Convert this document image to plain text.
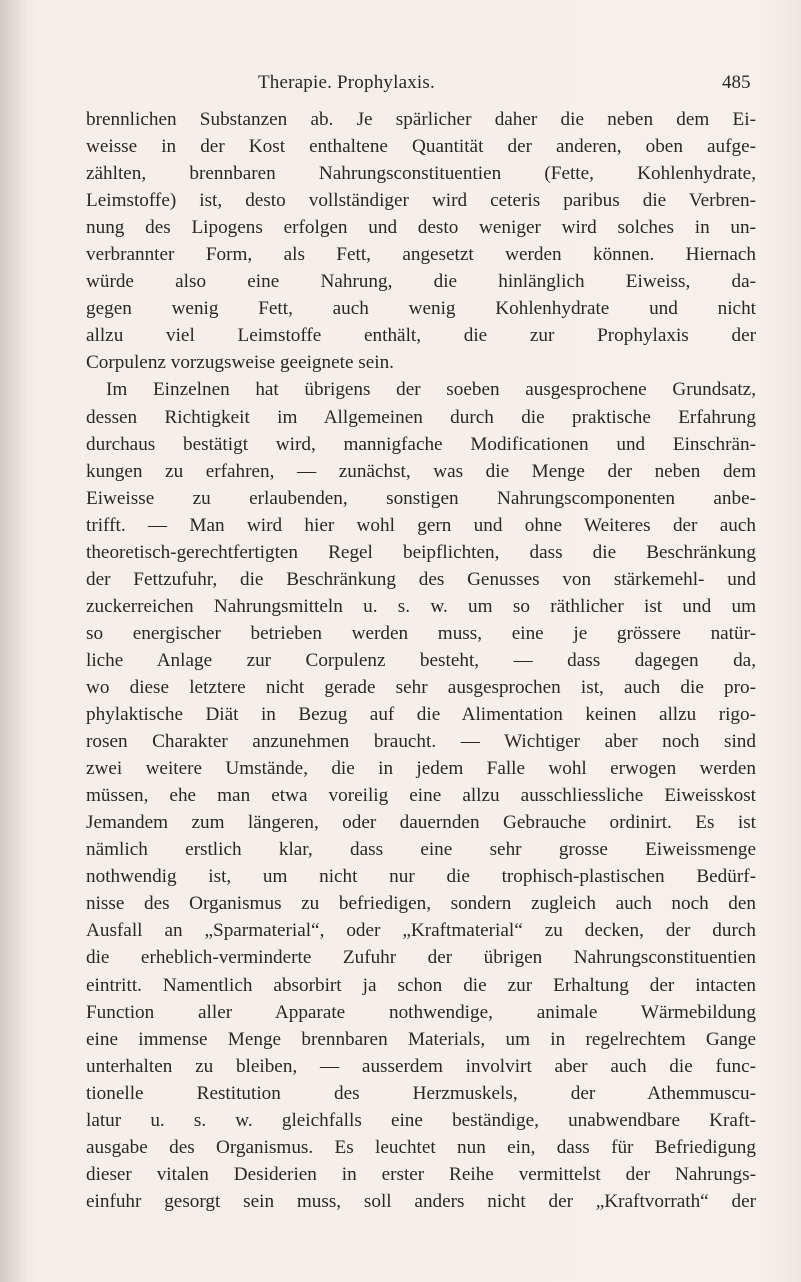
Therapie. Prophylaxis.	485
brennlichen Substanzen ab. Je spärlicher daher die neben dem Ei-
weisse in der Kost enthaltene Quantität der anderen, oben aufge-
zählten, brennbaren Nahrungsconstituentien (Fette, Kohlenhydrate,
Leimstoffe) ist, desto vollständiger wird ceteris paribus die Verbren-
nung des Lipogens erfolgen und desto weniger wird solches in un-
verbrannter Form, als Fett, angesetzt werden können. Hiernach
würde also eine Nahrung, die hinlänglich Eiweiss, da-
gegen wenig Fett, auch wenig Kohlenhydrate und nicht
allzu viel Leimstoffe enthält, die zur Prophylaxis der
Corpulenz vorzugsweise geeignete sein.
Im Einzelnen hat übrigens der soeben ausgesprochene Grundsatz,
dessen Richtigkeit im Allgemeinen durch die praktische Erfahrung
durchaus bestätigt wird, mannigfache Modificationen und Einschrän-
kungen zu erfahren, — zunächst, was die Menge der neben dem
Eiweisse zu erlaubenden, sonstigen Nahrungscomponenten anbe-
trifft. — Man wird hier wohl gern und ohne Weiteres der auch
theoretisch-gerechtfertigten Regel beipflichten, dass die Beschränkung
der Fettzufuhr, die Beschränkung des Genusses von stärkemehl- und
zuckerreichen Nahrungsmitteln u. s. w. um so räthlicher ist und um
so energischer betrieben werden muss, eine je grössere natür-
liche Anlage zur Corpulenz besteht, — dass dagegen da,
wo diese letztere nicht gerade sehr ausgesprochen ist, auch die pro-
phylaktische Diät in Bezug auf die Alimentation keinen allzu rigo-
rosen Charakter anzunehmen braucht. — Wichtiger aber noch sind
zwei weitere Umstände, die in jedem Falle wohl erwogen werden
müssen, ehe man etwa voreilig eine allzu ausschliessliche Eiweisskost
Jemandem zum längeren, oder dauernden Gebrauche ordinirt. Es ist
nämlich erstlich klar, dass eine sehr grosse Eiweissmenge
nothwendig ist, um nicht nur die trophisch-plastischen Bedürf-
nisse des Organismus zu befriedigen, sondern zugleich auch noch den
Ausfall an „Sparmaterial“, oder „Kraftmaterial“ zu decken, der durch
die erheblich-verminderte Zufuhr der übrigen Nahrungsconstituentien
eintritt. Namentlich absorbirt ja schon die zur Erhaltung der intacten
Function aller Apparate nothwendige, animale Wärmebildung
eine immense Menge brennbaren Materials, um in regelrechtem Gange
unterhalten zu bleiben, — ausserdem involvirt aber auch die func-
tionelle Restitution des Herzmuskels, der Athemmuscu-
latur u. s. w. gleichfalls eine beständige, unabwendbare Kraft-
ausgabe des Organismus. Es leuchtet nun ein, dass für Befriedigung
dieser vitalen Desiderien in erster Reihe vermittelst der Nahrungs-
einfuhr gesorgt sein muss, soll anders nicht der „Kraftvorrath“ der
